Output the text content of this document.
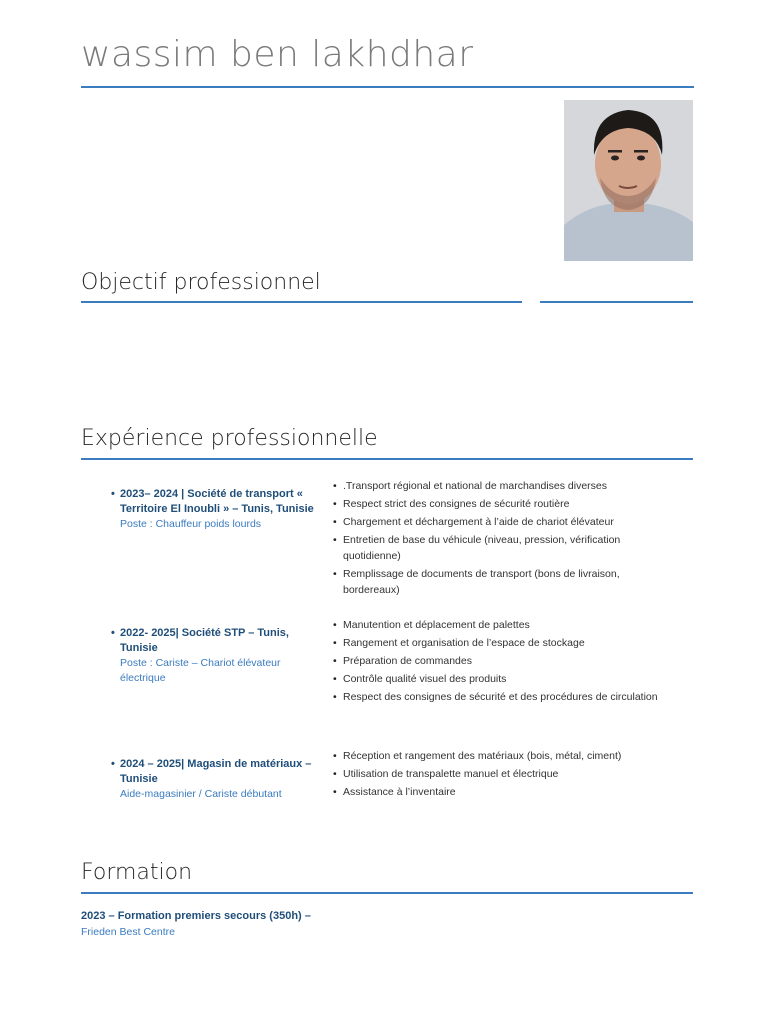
wassim ben lakhdhar
Objectif professionnel
Expérience professionnelle
• 2023– 2024 | Société de transport « Territoire El Inoubli » – Tunis, Tunisie
Poste : Chauffeur poids lourds
• .Transport régional et national de marchandises diverses
• Respect strict des consignes de sécurité routière
• Chargement et déchargement à l’aide de chariot élévateur
• Entretien de base du véhicule (niveau, pression, vérification quotidienne)
• Remplissage de documents de transport (bons de livraison, bordereaux)
• 2022- 2025| Société STP – Tunis, Tunisie
Poste : Cariste – Chariot élévateur électrique
• Manutention et déplacement de palettes
• Rangement et organisation de l’espace de stockage
• Préparation de commandes
• Contrôle qualité visuel des produits
• Respect des consignes de sécurité et des procédures de circulation
• 2024 – 2025| Magasin de matériaux – Tunisie
Aide-magasinier / Cariste débutant
• Réception et rangement des matériaux (bois, métal, ciment)
• Utilisation de transpalette manuel et électrique
• Assistance à l’inventaire
Formation
2023 – Formation premiers secours (350h) –
Frieden Best Centre
